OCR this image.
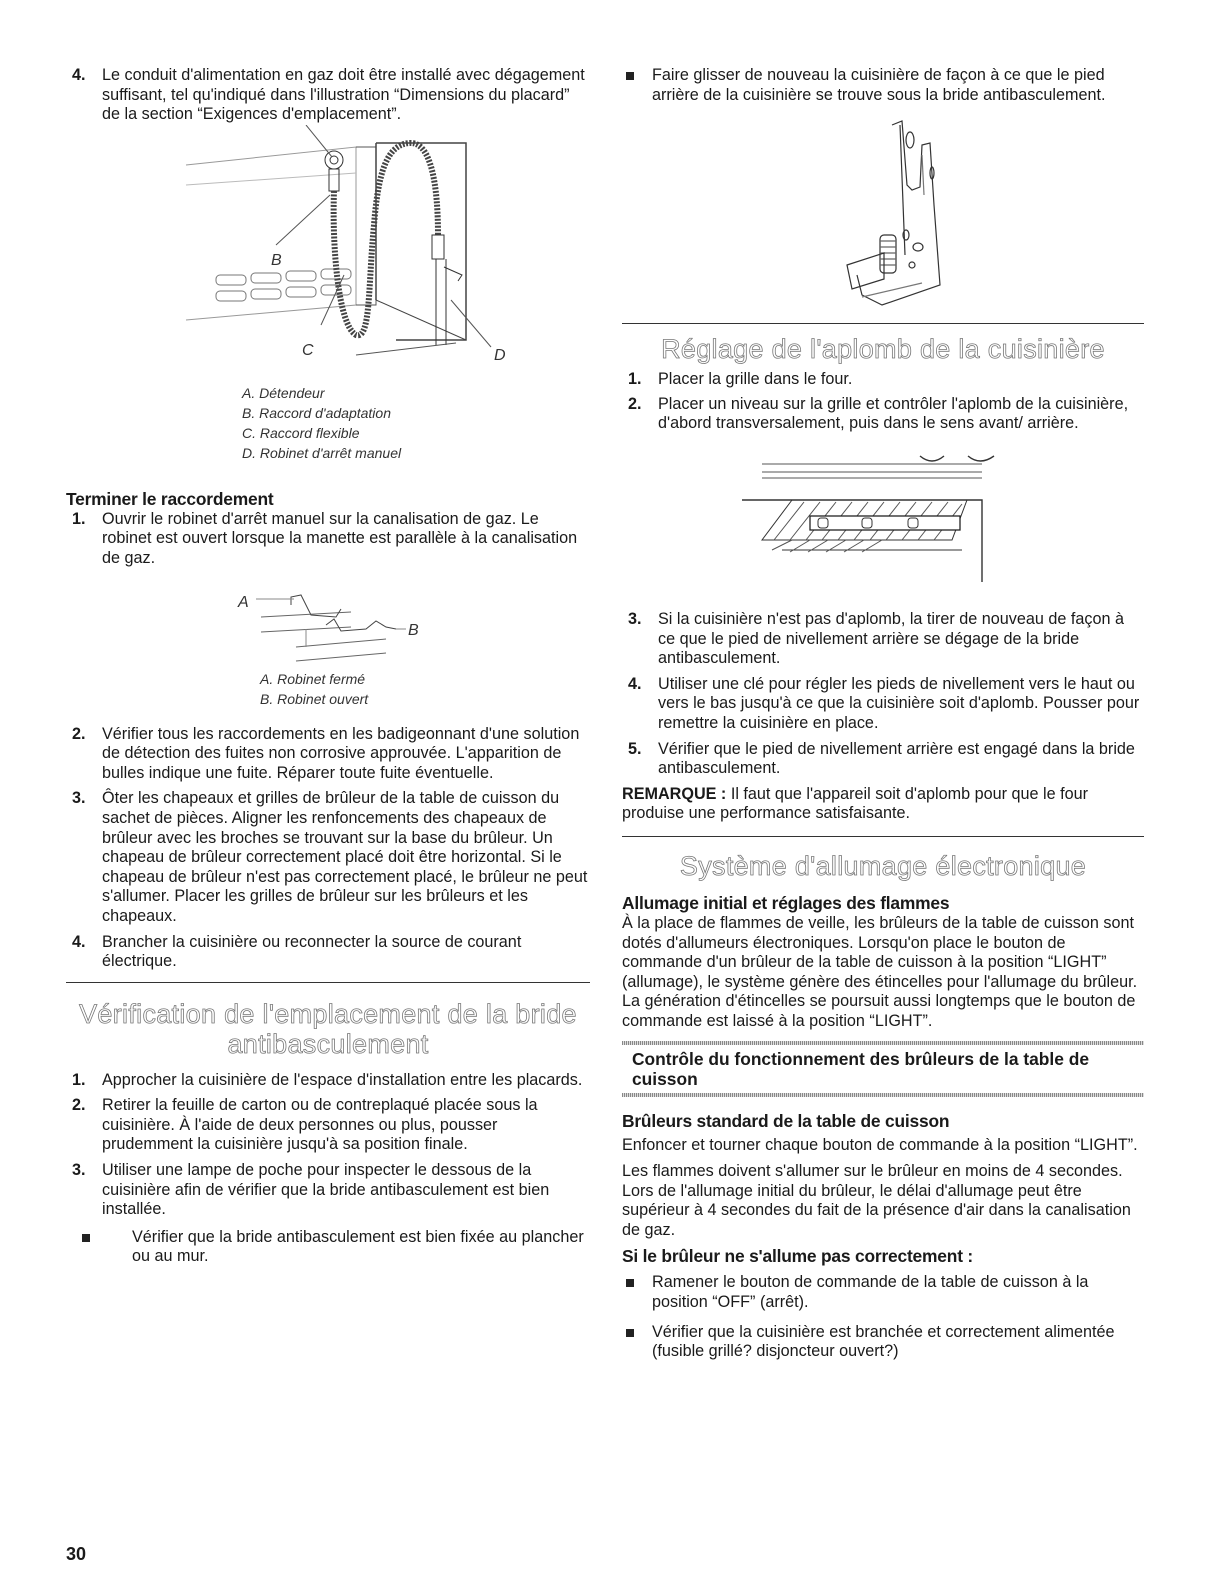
4. Le conduit d'alimentation en gaz doit être installé avec dégagement suffisant, tel qu'indiqué dans l'illustration “Dimensions du placard” de la section “Exigences d'emplacement”.

B
C	D

A. Détendeur

B. Raccord d'adaptation

C. Raccord flexible

D. Robinet d'arrêt manuel

Terminer le raccordement

1. Ouvrir le robinet d'arrêt manuel sur la canalisation de gaz. Le robinet est ouvert lorsque la manette est parallèle à la canalisation de gaz.

A
B

A. Robinet fermé

B. Robinet ouvert

2. Vérifier tous les raccordements en les badigeonnant d'une solution de détection des fuites non corrosive approuvée. L'apparition de bulles indique une fuite. Réparer toute fuite éventuelle.

3. Ôter les chapeaux et grilles de brûleur de la table de cuisson du sachet de pièces. Aligner les renfoncements des chapeaux de brûleur avec les broches se trouvant sur la base du brûleur. Un chapeau de brûleur correctement placé doit être horizontal. Si le chapeau de brûleur n'est pas correctement placé, le brûleur ne peut s'allumer. Placer les grilles de brûleur sur les brûleurs et les chapeaux.

4. Brancher la cuisinière ou reconnecter la source de courant électrique.

Vérification de l'emplacement de la bride

antibasculement

1. Approcher la cuisinière de l'espace d'installation entre les placards.

2. Retirer la feuille de carton ou de contreplaqué placée sous la cuisinière. À l'aide de deux personnes ou plus, pousser prudemment la cuisinière jusqu'à sa position finale.

3. Utiliser une lampe de poche pour inspecter le dessous de la cuisinière afin de vérifier que la bride antibasculement est bien installée.

Vérifier que la bride antibasculement est bien fixée au plancher ou au mur.

Faire glisser de nouveau la cuisinière de façon à ce que le pied arrière de la cuisinière se trouve sous la bride antibasculement.

Réglage de l'aplomb de la cuisinière

1. Placer la grille dans le four.

2. Placer un niveau sur la grille et contrôler l'aplomb de la cuisinière, d'abord transversalement, puis dans le sens avant/ arrière.

3. Si la cuisinière n'est pas d'aplomb, la tirer de nouveau de façon à ce que le pied de nivellement arrière se dégage de la bride antibasculement.

4. Utiliser une clé pour régler les pieds de nivellement vers le haut ou vers le bas jusqu'à ce que la cuisinière soit d'aplomb. Pousser pour remettre la cuisinière en place.

5. Vérifier que le pied de nivellement arrière est engagé dans la bride antibasculement.

REMARQUE : Il faut que l'appareil soit d'aplomb pour que le four produise une performance satisfaisante.

Système d'allumage électronique

Allumage initial et réglages des flammes

À la place de flammes de veille, les brûleurs de la table de cuisson sont dotés d'allumeurs électroniques. Lorsqu'on place le bouton de commande d'un brûleur de la table de cuisson à la position “LIGHT” (allumage), le système génère des étincelles pour l'allumage du brûleur. La génération d'étincelles se poursuit aussi longtemps que le bouton de commande est laissé à la position “LIGHT”.

Contrôle du fonctionnement des brûleurs de la table de cuisson

Brûleurs standard de la table de cuisson

Enfoncer et tourner chaque bouton de commande à la position “LIGHT”.

Les flammes doivent s'allumer sur le brûleur en moins de 4 secondes. Lors de l'allumage initial du brûleur, le délai d'allumage peut être supérieur à 4 secondes du fait de la présence d'air dans la canalisation de gaz.

Si le brûleur ne s'allume pas correctement :

Ramener le bouton de commande de la table de cuisson à la position “OFF” (arrêt).

Vérifier que la cuisinière est branchée et correctement alimentée (fusible grillé? disjoncteur ouvert?)

30
